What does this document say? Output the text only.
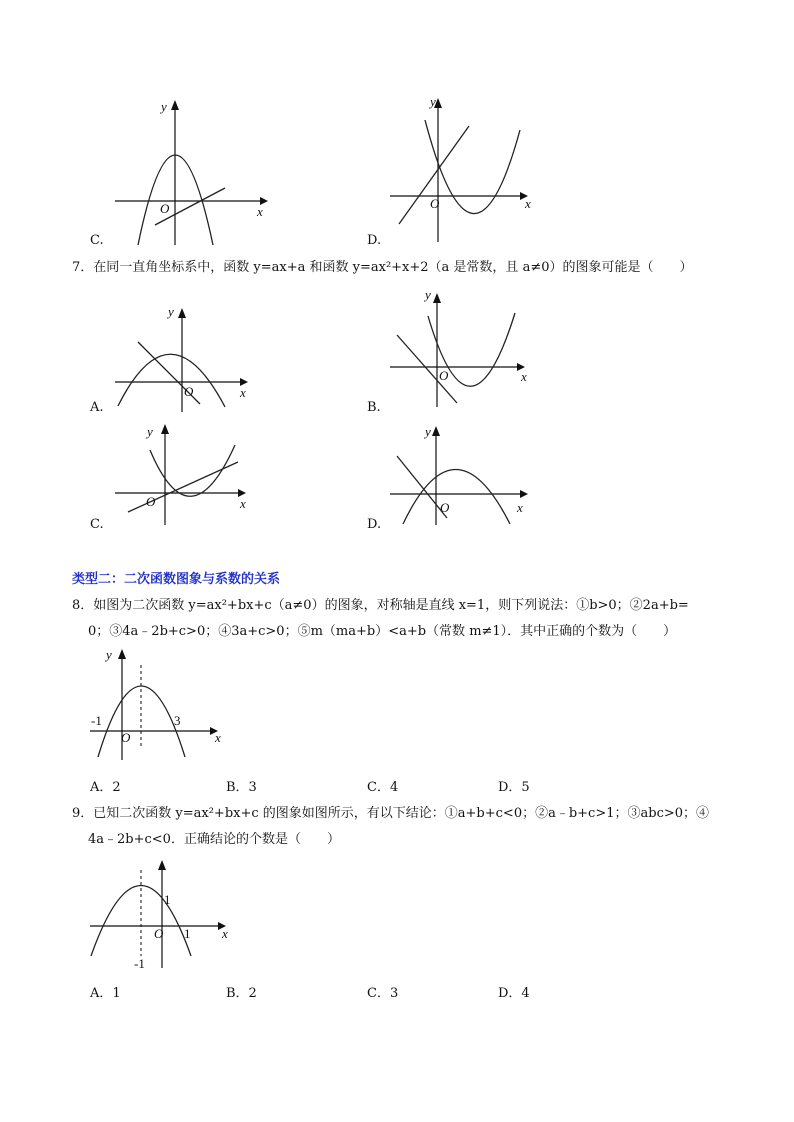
x
y
O
C.
x
y
O
D.
7．在同一直角坐标系中，函数 y=ax+a 和函数 y=ax²+x+2（a 是常数，且 a≠0）的图象可能是（　　）
x
y
O
A.
x
y
O
B.
x
y
O
C.
x
y
O
D.
类型二：二次函数图象与系数的关系
8．如图为二次函数 y=ax²+bx+c（a≠0）的图象，对称轴是直线 x=1，则下列说法：①b>0；②2a+b=
0；③4a﹣2b+c>0；④3a+c>0；⑤m（ma+b）<a+b（常数 m≠1）．其中正确的个数为（　　）
x
y
O
-1	3
A．2	B．3	C．4	D．5
9．已知二次函数 y=ax²+bx+c 的图象如图所示，有以下结论：①a+b+c<0；②a﹣b+c>1；③abc>0；④
4a﹣2b+c<0．正确结论的个数是（　　）
x
O
1
1
-1
A．1	B．2	C．3	D．4
